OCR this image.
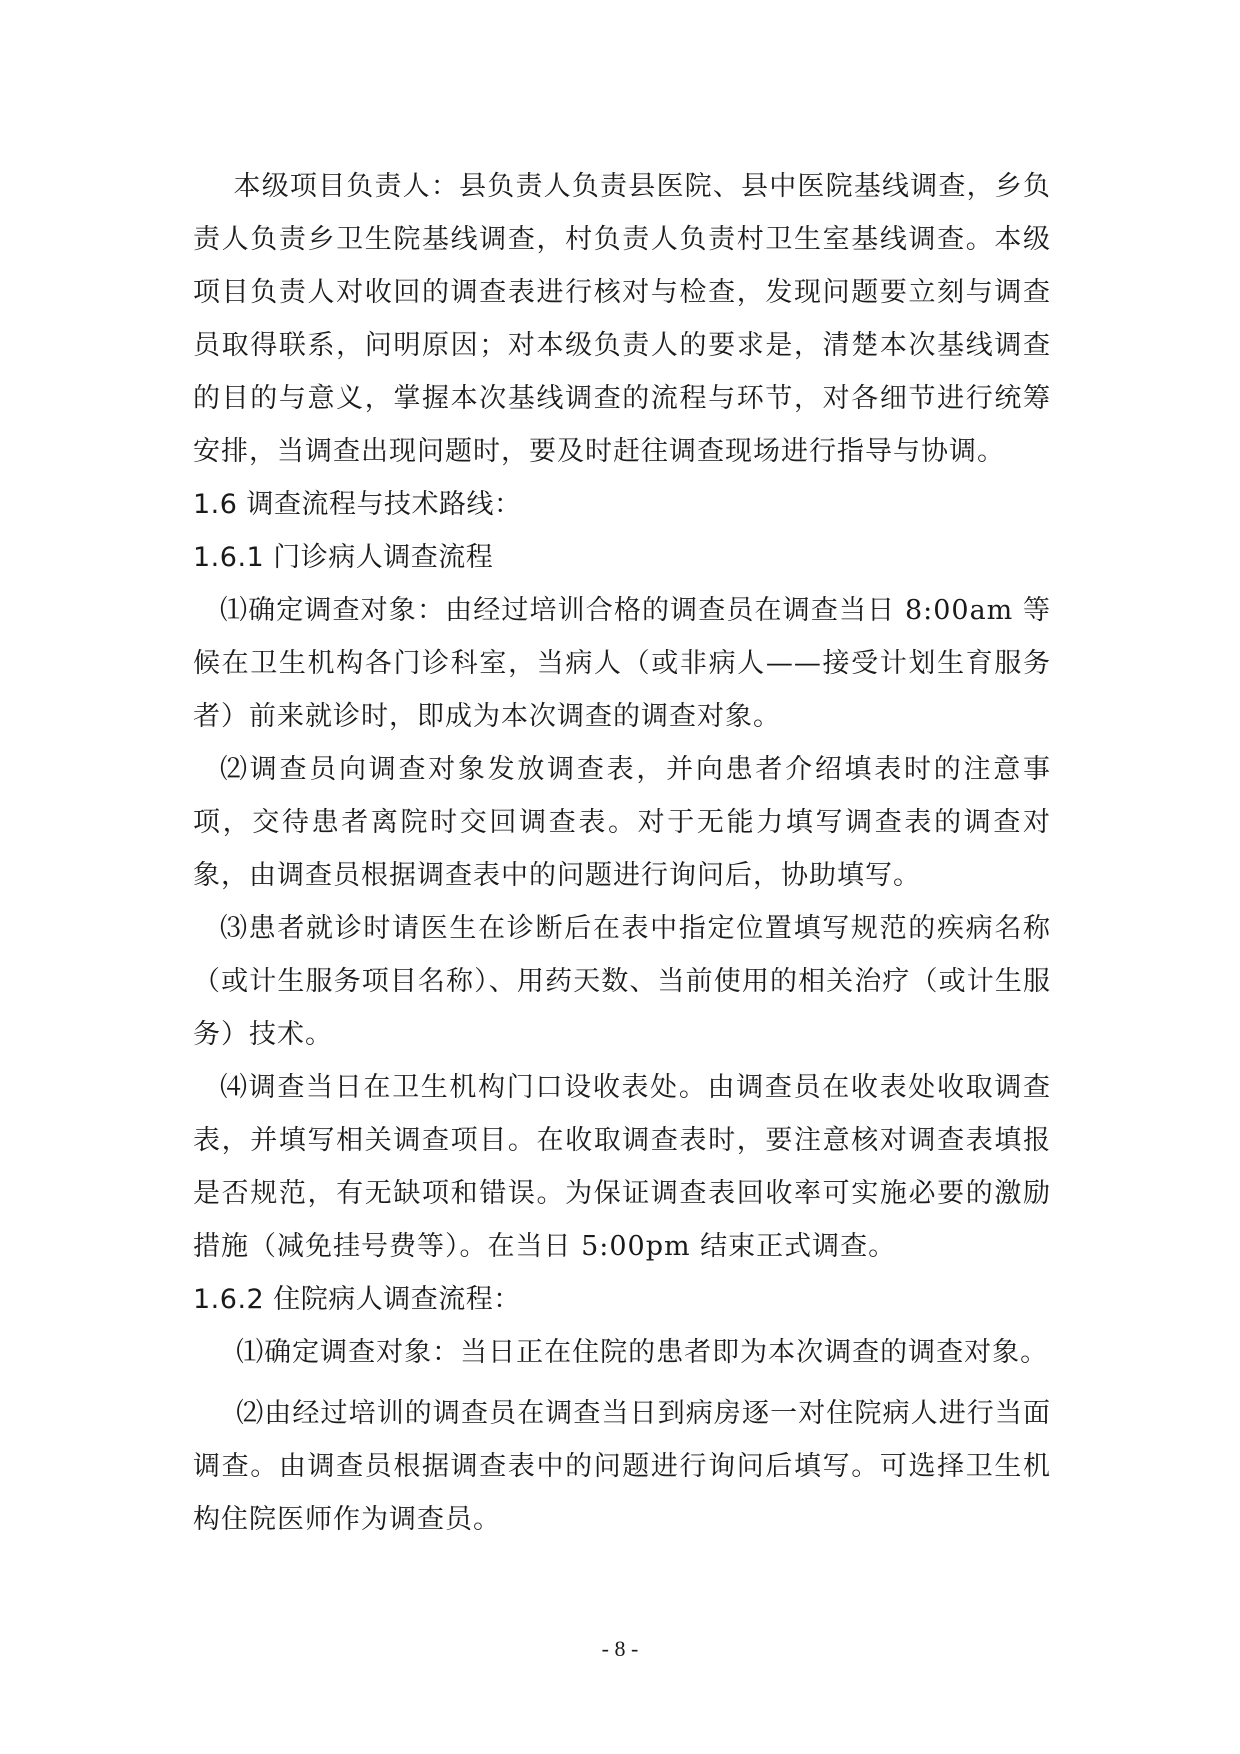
本级项目负责人：县负责人负责县医院、县中医院基线调查，乡负责人负责乡卫生院基线调查，村负责人负责村卫生室基线调查。本级项目负责人对收回的调查表进行核对与检查，发现问题要立刻与调查员取得联系，问明原因；对本级负责人的要求是，清楚本次基线调查的目的与意义，掌握本次基线调查的流程与环节，对各细节进行统筹安排，当调查出现问题时，要及时赶往调查现场进行指导与协调。

1.6 调查流程与技术路线：
1.6.1 门诊病人调查流程

⑴确定调查对象：由经过培训合格的调查员在调查当日 8:00am 等候在卫生机构各门诊科室，当病人（或非病人——接受计划生育服务者）前来就诊时，即成为本次调查的调查对象。

⑵调查员向调查对象发放调查表，并向患者介绍填表时的注意事项，交待患者离院时交回调查表。对于无能力填写调查表的调查对象，由调查员根据调查表中的问题进行询问后，协助填写。

⑶患者就诊时请医生在诊断后在表中指定位置填写规范的疾病名称（或计生服务项目名称）、用药天数、当前使用的相关治疗（或计生服务）技术。

⑷调查当日在卫生机构门口设收表处。由调查员在收表处收取调查表，并填写相关调查项目。在收取调查表时，要注意核对调查表填报是否规范，有无缺项和错误。为保证调查表回收率可实施必要的激励措施（减免挂号费等）。在当日 5:00pm 结束正式调查。

1.6.2 住院病人调查流程：

⑴确定调查对象：当日正在住院的患者即为本次调查的调查对象。

⑵由经过培训的调查员在调查当日到病房逐一对住院病人进行当面调查。由调查员根据调查表中的问题进行询问后填写。可选择卫生机构住院医师作为调查员。

- 8 -
